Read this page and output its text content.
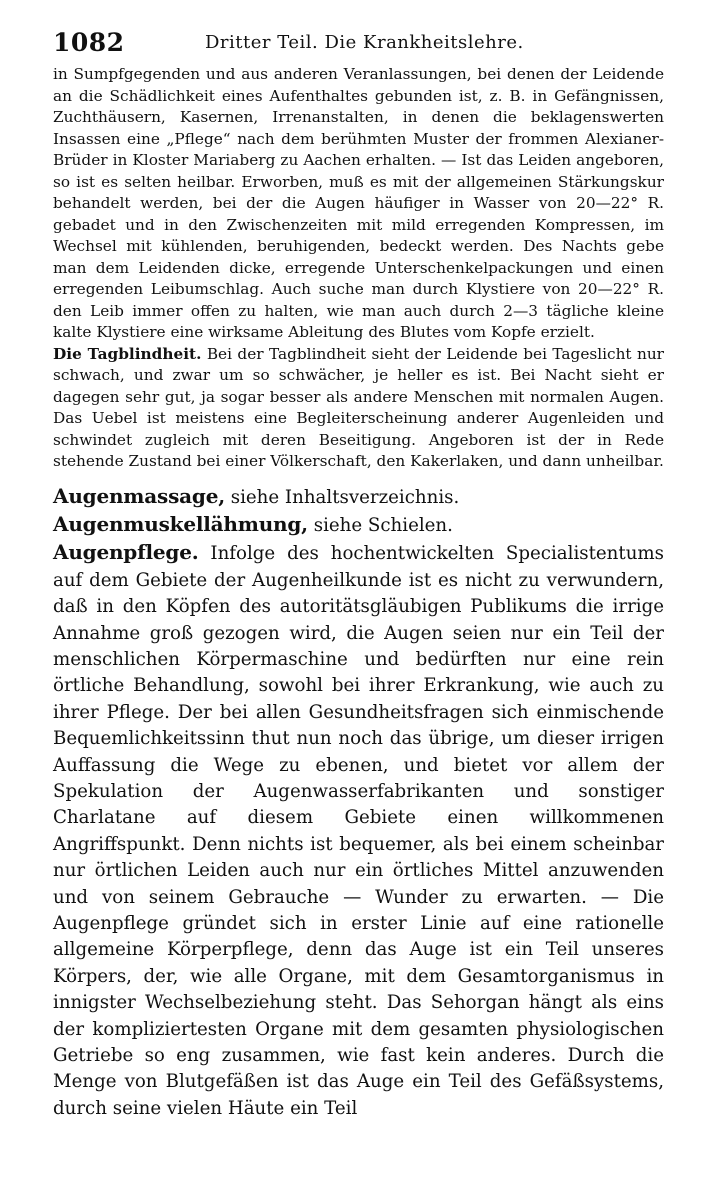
1082	Dritter Teil. Die Krankheitslehre.

in Sumpfgegenden und aus anderen Veranlassungen, bei denen der Leidende an die Schädlichkeit eines Aufenthaltes gebunden ist, z. B. in Gefängnissen, Zuchthäusern, Kasernen, Irrenanstalten, in denen die beklagenswerten Insassen eine „Pflege“ nach dem berühmten Muster der frommen Alexianer-Brüder in Kloster Mariaberg zu Aachen erhalten. — Ist das Leiden angeboren, so ist es selten heilbar. Erworben, muß es mit der allgemeinen Stärkungskur behandelt werden, bei der die Augen häufiger in Wasser von 20—22° R. gebadet und in den Zwischenzeiten mit mild erregenden Kompressen, im Wechsel mit kühlenden, beruhigenden, bedeckt werden. Des Nachts gebe man dem Leidenden dicke, erregende Unterschenkelpackungen und einen erregenden Leibumschlag. Auch suche man durch Klystiere von 20—22° R. den Leib immer offen zu halten, wie man auch durch 2—3 tägliche kleine kalte Klystiere eine wirksame Ableitung des Blutes vom Kopfe erzielt.

Die Tagblindheit. Bei der Tagblindheit sieht der Leidende bei Tageslicht nur schwach, und zwar um so schwächer, je heller es ist. Bei Nacht sieht er dagegen sehr gut, ja sogar besser als andere Menschen mit normalen Augen. Das Uebel ist meistens eine Begleiterscheinung anderer Augenleiden und schwindet zugleich mit deren Beseitigung. Angeboren ist der in Rede stehende Zustand bei einer Völkerschaft, den Kakerlaken, und dann unheilbar.

Augenmassage, siehe Inhaltsverzeichnis.

Augenmuskellähmung, siehe Schielen.

Augenpflege. Infolge des hochentwickelten Specialistentums auf dem Gebiete der Augenheilkunde ist es nicht zu verwundern, daß in den Köpfen des autoritätsgläubigen Publikums die irrige Annahme groß gezogen wird, die Augen seien nur ein Teil der menschlichen Körpermaschine und bedürften nur eine rein örtliche Behandlung, sowohl bei ihrer Erkrankung, wie auch zu ihrer Pflege. Der bei allen Gesundheitsfragen sich einmischende Bequemlichkeitssinn thut nun noch das übrige, um dieser irrigen Auffassung die Wege zu ebenen, und bietet vor allem der Spekulation der Augenwasserfabrikanten und sonstiger Charlatane auf diesem Gebiete einen willkommenen Angriffspunkt. Denn nichts ist bequemer, als bei einem scheinbar nur örtlichen Leiden auch nur ein örtliches Mittel anzuwenden und von seinem Gebrauche — Wunder zu erwarten. — Die Augenpflege gründet sich in erster Linie auf eine rationelle allgemeine Körperpflege, denn das Auge ist ein Teil unseres Körpers, der, wie alle Organe, mit dem Gesamtorganismus in innigster Wechselbeziehung steht. Das Sehorgan hängt als eins der kompliziertesten Organe mit dem gesamten physiologischen Getriebe so eng zusammen, wie fast kein anderes. Durch die Menge von Blutgefäßen ist das Auge ein Teil des Gefäßsystems, durch seine vielen Häute ein Teil
